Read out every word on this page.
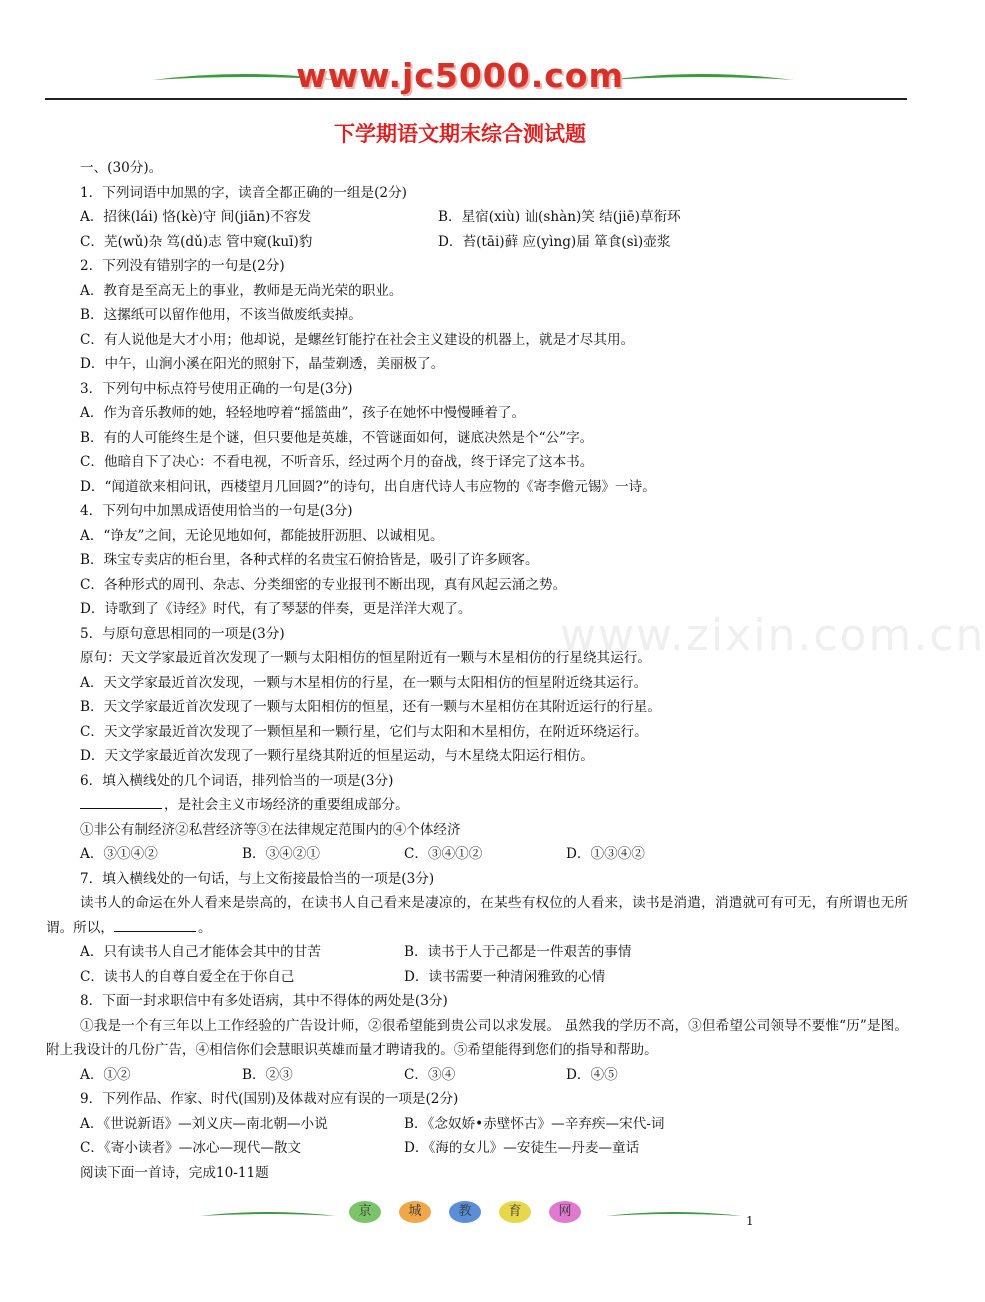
www.jc5000.com
下学期语文期末综合测试题
www.zixin.com.cn
一、(30分)。
1．下列词语中加黑的字，读音全都正确的一组是(2分)
A．招徕(lái) 恪(kè)守 间(jiān)不容发	B．星宿(xiù) 讪(shàn)笑 结(jiē)草衔环
C．芜(wǔ)杂 笃(dǔ)志 管中窥(kuī)豹	D．苔(tāi)藓 应(yìng)届 箪食(sì)壶浆
2．下列没有错别字的一句是(2分)
A．教育是至高无上的事业，教师是无尚光荣的职业。
B．这摞纸可以留作他用，不该当做废纸卖掉。
C．有人说他是大才小用；他却说，是螺丝钉能拧在社会主义建设的机器上，就是才尽其用。
D．中午，山涧小溪在阳光的照射下，晶莹剃透，美丽极了。
3．下列句中标点符号使用正确的一句是(3分)
A．作为音乐教师的她，轻轻地哼着“摇篮曲”，孩子在她怀中慢慢睡着了。
B．有的人可能终生是个谜，但只要他是英雄，不管谜面如何，谜底决然是个“公”字。
C．他暗自下了决心：不看电视，不听音乐，经过两个月的奋战，终于译完了这本书。
D．“闻道欲来相问讯，西楼望月几回圆?”的诗句，出自唐代诗人韦应物的《寄李儋元锡》一诗。
4．下列句中加黑成语使用恰当的一句是(3分)
A．“诤友”之间，无论见地如何，都能披肝沥胆、以诚相见。
B．珠宝专卖店的柜台里，各种式样的名贵宝石俯拾皆是，吸引了许多顾客。
C．各种形式的周刊、杂志、分类细密的专业报刊不断出现，真有风起云涌之势。
D．诗歌到了《诗经》时代，有了琴瑟的伴奏，更是洋洋大观了。
5．与原句意思相同的一项是(3分)
原句：天文学家最近首次发现了一颗与太阳相仿的恒星附近有一颗与木星相仿的行星绕其运行。
A．天文学家最近首次发现，一颗与木星相仿的行星，在一颗与太阳相仿的恒星附近绕其运行。
B．天文学家最近首次发现了一颗与太阳相仿的恒星，还有一颗与木星相仿在其附近运行的行星。
C．天文学家最近首次发现了一颗恒星和一颗行星，它们与太阳和木星相仿，在附近环绕运行。
D．天文学家最近首次发现了一颗行星绕其附近的恒星运动，与木星绕太阳运行相仿。
6．填入横线处的几个词语，排列恰当的一项是(3分)
，是社会主义市场经济的重要组成部分。
①非公有制经济②私营经济等③在法律规定范围内的④个体经济
A．③①④②	B．③④②①	C．③④①②	D．①③④②
7．填入横线处的一句话，与上文衔接最恰当的一项是(3分)
读书人的命运在外人看来是崇高的，在读书人自己看来是凄凉的，在某些有权位的人看来，读书是消遣，消遣就可有可无，有所谓也无所谓。所以，	。
A．只有读书人自己才能体会其中的甘苦	B．读书于人于己都是一件艰苦的事情
C．读书人的自尊自爱全在于你自己	D．读书需要一种清闲雅致的心情
8．下面一封求职信中有多处语病，其中不得体的两处是(3分)
①我是一个有三年以上工作经验的广告设计师，②很希望能到贵公司以求发展。 虽然我的学历不高，③但希望公司领导不要惟“历”是图。附上我设计的几份广告，④相信你们会慧眼识英雄而量才聘请我的。⑤希望能得到您们的指导和帮助。
A．①②	B．②③	C．③④	D．④⑤
9．下列作品、作家、时代(国别)及体裁对应有误的一项是(2分)
A．《世说新语》—刘义庆—南北朝—小说	B．《念奴娇•赤壁怀古》—辛弃疾—宋代-词
C．《寄小读者》—冰心—现代—散文	D．《海的女儿》—安徒生—丹麦—童话
阅读下面一首诗，完成10-11题
京	城	教	育	网
1
